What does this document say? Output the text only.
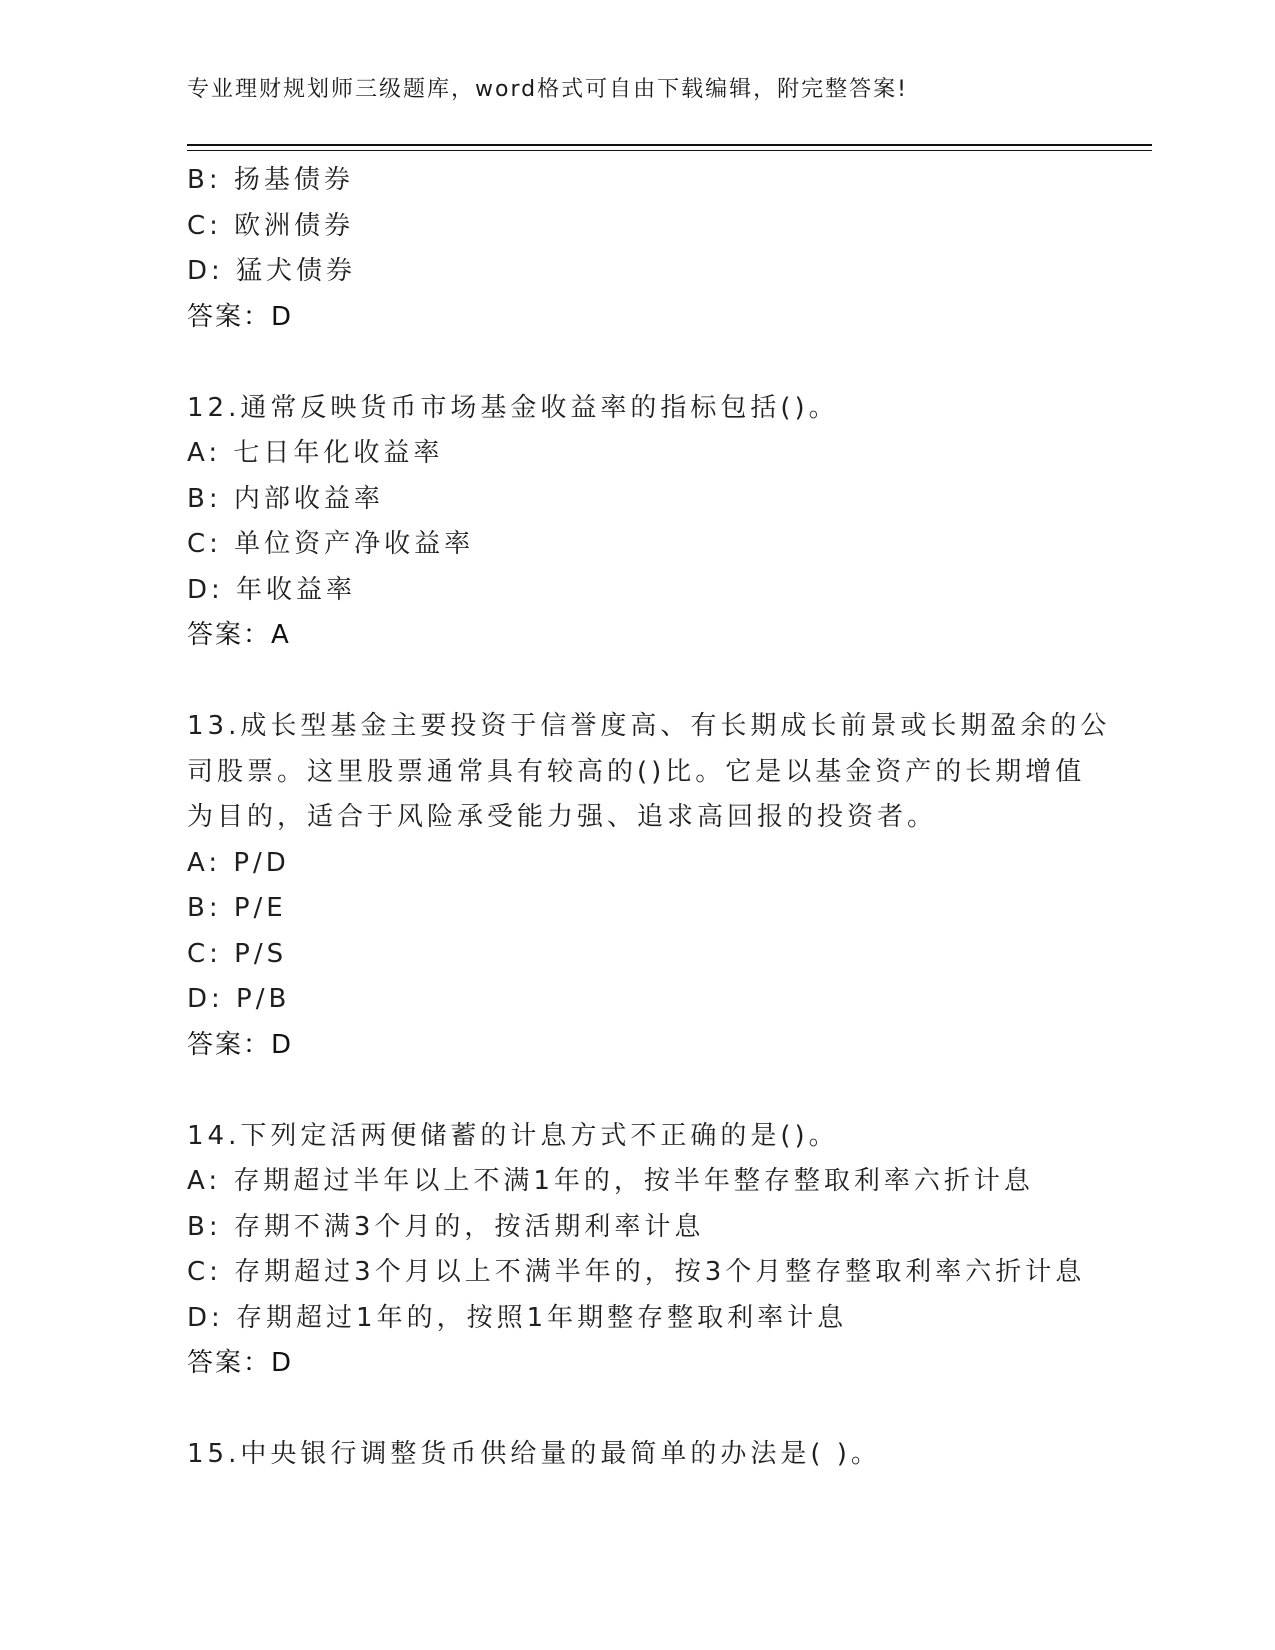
专业理财规划师三级题库，word格式可自由下载编辑，附完整答案!
B: 扬基债券
C: 欧洲债券
D: 猛犬债券
答案：D
12.通常反映货币市场基金收益率的指标包括()。
A: 七日年化收益率
B: 内部收益率
C: 单位资产净收益率
D: 年收益率
答案：A
13.成长型基金主要投资于信誉度高、有长期成长前景或长期盈余的公
司股票。这里股票通常具有较高的()比。它是以基金资产的长期增值
为目的，适合于风险承受能力强、追求高回报的投资者。
A: P/D
B: P/E
C: P/S
D: P/B
答案：D
14.下列定活两便储蓄的计息方式不正确的是()。
A: 存期超过半年以上不满1年的，按半年整存整取利率六折计息
B: 存期不满3个月的，按活期利率计息
C: 存期超过3个月以上不满半年的，按3个月整存整取利率六折计息
D: 存期超过1年的，按照1年期整存整取利率计息
答案：D
15.中央银行调整货币供给量的最简单的办法是( )。
